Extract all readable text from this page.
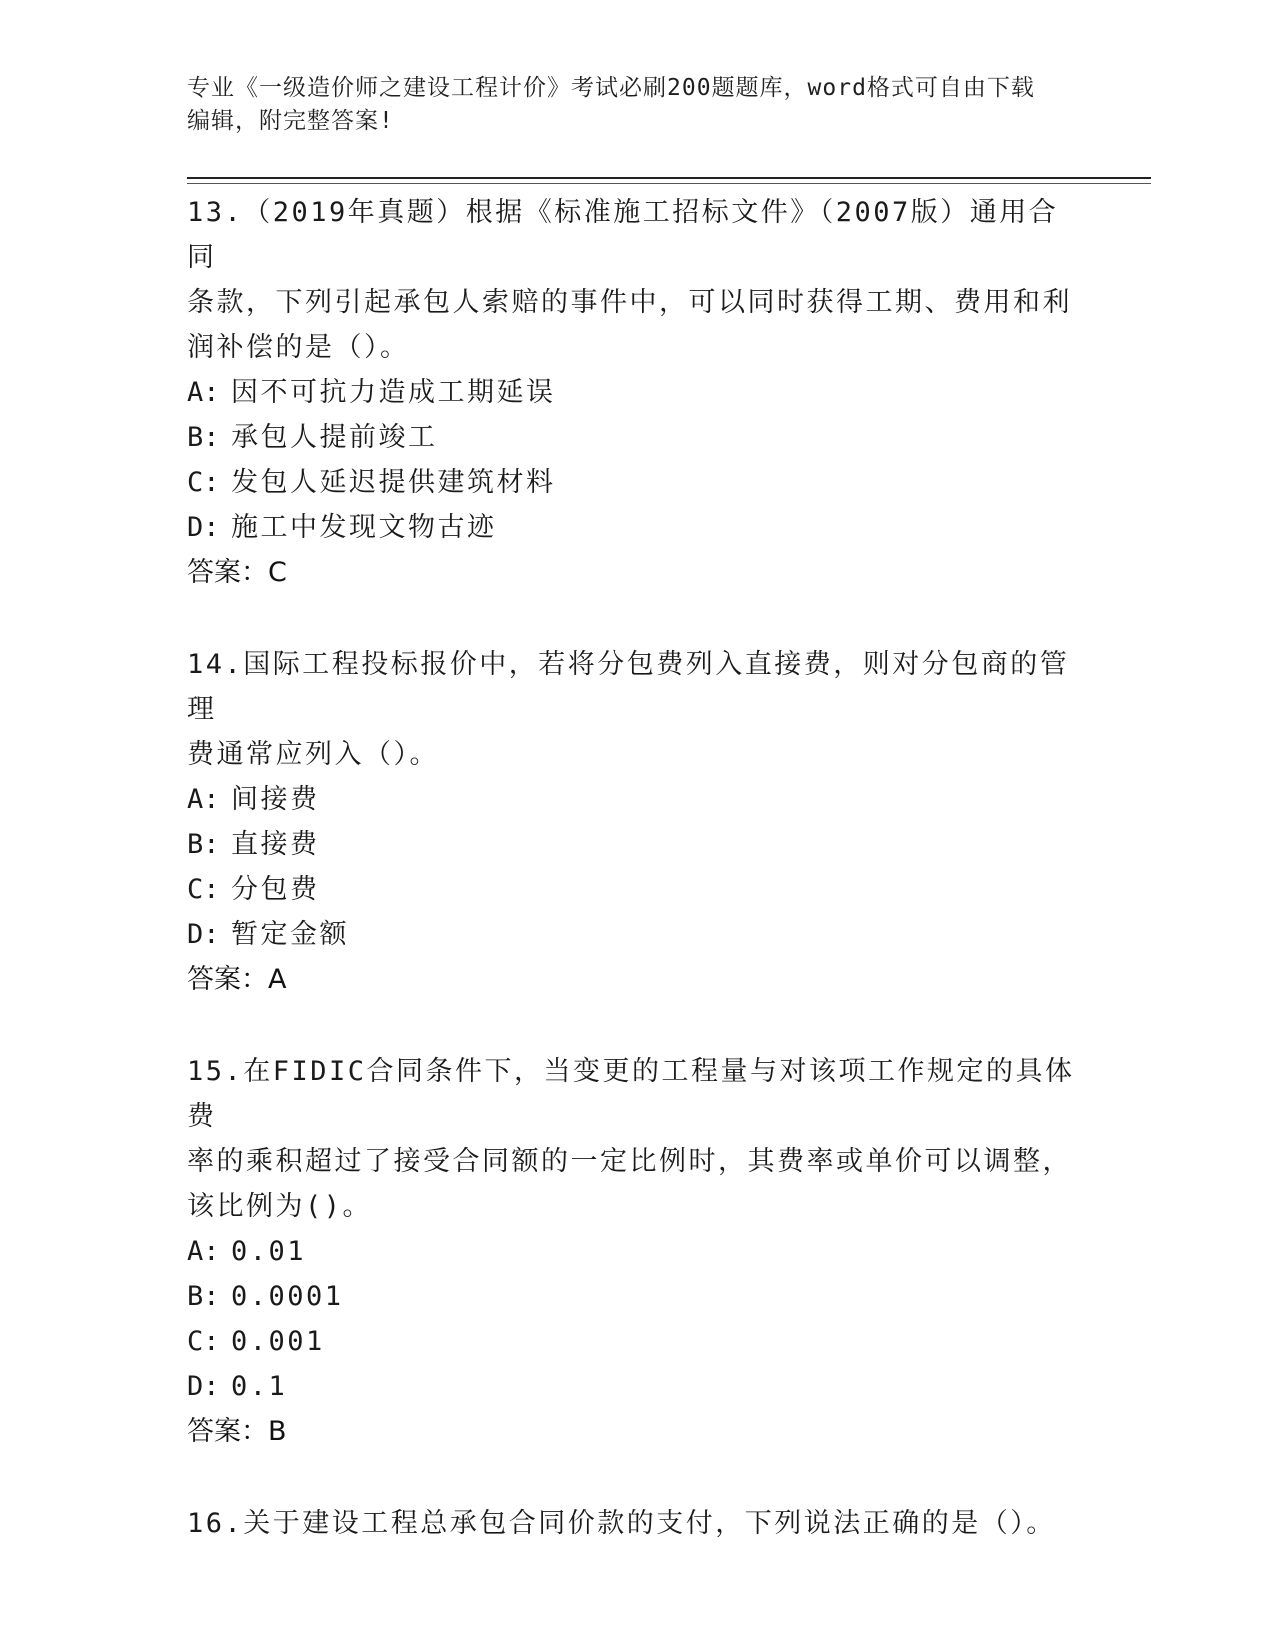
专业《一级造价师之建设工程计价》考试必刷200题题库，word格式可自由下载
编辑，附完整答案!

13.（2019年真题）根据《标准施工招标文件》（2007版）通用合同

条款，下列引起承包人索赔的事件中，可以同时获得工期、费用和利

润补偿的是（）。

A: 因不可抗力造成工期延误
B: 承包人提前竣工
C: 发包人延迟提供建筑材料
D: 施工中发现文物古迹

答案：C

14.国际工程投标报价中，若将分包费列入直接费，则对分包商的管理

费通常应列入（）。

A: 间接费
B: 直接费
C: 分包费
D: 暂定金额

答案：A

15.在FIDIC合同条件下，当变更的工程量与对该项工作规定的具体费

率的乘积超过了接受合同额的一定比例时，其费率或单价可以调整，

该比例为()。

A: 0.01
B: 0.0001
C: 0.001
D: 0.1

答案：B

16.关于建设工程总承包合同价款的支付，下列说法正确的是（）。
